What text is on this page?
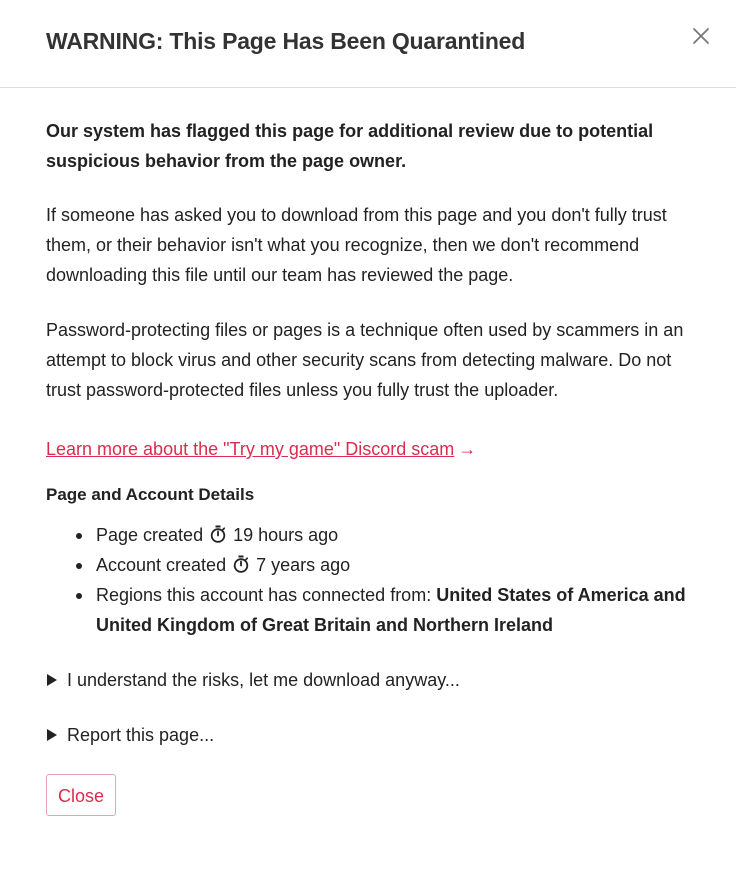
WARNING: This Page Has Been Quarantined

Our system has flagged this page for additional review due to potential suspicious behavior from the page owner.

If someone has asked you to download from this page and you don't fully trust them, or their behavior isn't what you recognize, then we don't recommend downloading this file until our team has reviewed the page.

Password-protecting files or pages is a technique often used by scammers in an attempt to block virus and other security scans from detecting malware. Do not trust password-protected files unless you fully trust the uploader.

Learn more about the "Try my game" Discord scam →
Page and Account Details
Page created 19 hours ago
Account created 7 years ago
Regions this account has connected from: United States of America and United Kingdom of Great Britain and Northern Ireland
I understand the risks, let me download anyway...
Report this page...
Close
